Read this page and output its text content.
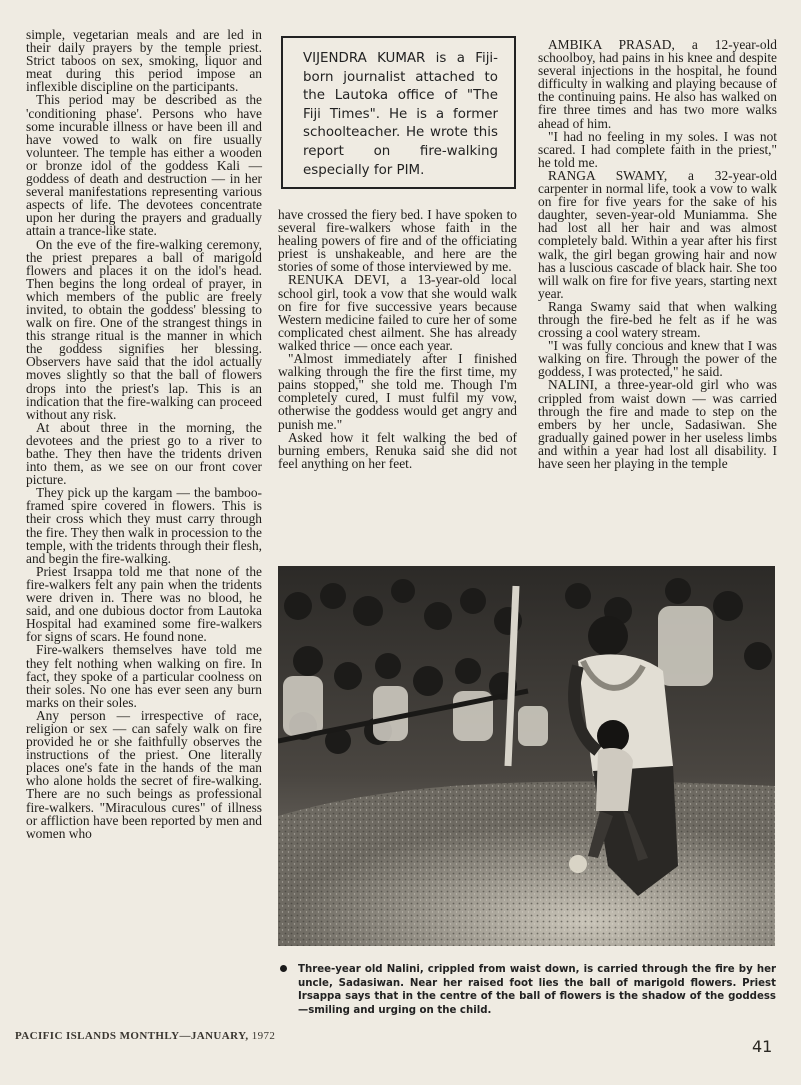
simple, vegetarian meals and are led in their daily prayers by the temple priest. Strict taboos on sex, smoking, liquor and meat during this period impose an inflexible discipline on the participants.

This period may be described as the 'conditioning phase'. Persons who have some incurable illness or have been ill and have vowed to walk on fire usually volunteer. The temple has either a wooden or bronze idol of the goddess Kali — goddess of death and destruction — in her several manifestations representing various aspects of life. The devotees concentrate upon her during the prayers and gradually attain a trance-like state.

On the eve of the fire-walking ceremony, the priest prepares a ball of marigold flowers and places it on the idol's head. Then begins the long ordeal of prayer, in which members of the public are freely invited, to obtain the goddess' blessing to walk on fire. One of the strangest things in this strange ritual is the manner in which the goddess signifies her blessing. Observers have said that the idol actually moves slightly so that the ball of flowers drops into the priest's lap. This is an indication that the fire-walking can proceed without any risk.

At about three in the morning, the devotees and the priest go to a river to bathe. They then have the tridents driven into them, as we see on our front cover picture.

They pick up the kargam — the bamboo-framed spire covered in flowers. This is their cross which they must carry through the fire. They then walk in procession to the temple, with the tridents through their flesh, and begin the fire-walking.

Priest Irsappa told me that none of the fire-walkers felt any pain when the tridents were driven in. There was no blood, he said, and one dubious doctor from Lautoka Hospital had examined some fire-walkers for signs of scars. He found none.

Fire-walkers themselves have told me they felt nothing when walking on fire. In fact, they spoke of a particular coolness on their soles. No one has ever seen any burn marks on their soles.

Any person — irrespective of race, religion or sex — can safely walk on fire provided he or she faithfully observes the instructions of the priest. One literally places one's fate in the hands of the man who alone holds the secret of fire-walking. There are no such beings as professional fire-walkers. "Miraculous cures" of illness or affliction have been reported by men and women who

VIJENDRA KUMAR is a Fiji-born journalist attached to the Lautoka office of "The Fiji Times". He is a former schoolteacher. He wrote this report on fire-walking especially for PIM.

have crossed the fiery bed. I have spoken to several fire-walkers whose faith in the healing powers of fire and of the officiating priest is unshakeable, and here are the stories of some of those interviewed by me.

RENUKA DEVI, a 13-year-old local school girl, took a vow that she would walk on fire for five successive years because Western medicine failed to cure her of some complicated chest ailment. She has already walked thrice — once each year.

"Almost immediately after I finished walking through the fire the first time, my pains stopped," she told me. Though I'm completely cured, I must fulfil my vow, otherwise the goddess would get angry and punish me."

Asked how it felt walking the bed of burning embers, Renuka said she did not feel anything on her feet.

AMBIKA PRASAD, a 12-year-old schoolboy, had pains in his knee and despite several injections in the hospital, he found difficulty in walking and playing because of the continuing pains. He also has walked on fire three times and has two more walks ahead of him.

"I had no feeling in my soles. I was not scared. I had complete faith in the priest," he told me.

RANGA SWAMY, a 32-year-old carpenter in normal life, took a vow to walk on fire for five years for the sake of his daughter, seven-year-old Muniamma. She had lost all her hair and was almost completely bald. Within a year after his first walk, the girl began growing hair and now has a luscious cascade of black hair. She too will walk on fire for five years, starting next year.

Ranga Swamy said that when walking through the fire-bed he felt as if he was crossing a cool watery stream.

"I was fully concious and knew that I was walking on fire. Through the power of the goddess, I was protected," he said.

NALINI, a three-year-old girl who was crippled from waist down — was carried through the fire and made to step on the embers by her uncle, Sadasiwan. She gradually gained power in her useless limbs and within a year had lost all disability. I have seen her playing in the temple

Three-year old Nalini, crippled from waist down, is carried through the fire by her uncle, Sadasiwan. Near her raised foot lies the ball of marigold flowers. Priest Irsappa says that in the centre of the ball of flowers is the shadow of the goddess—smiling and urging on the child.
PACIFIC ISLANDS MONTHLY—JANUARY, 1972
41
